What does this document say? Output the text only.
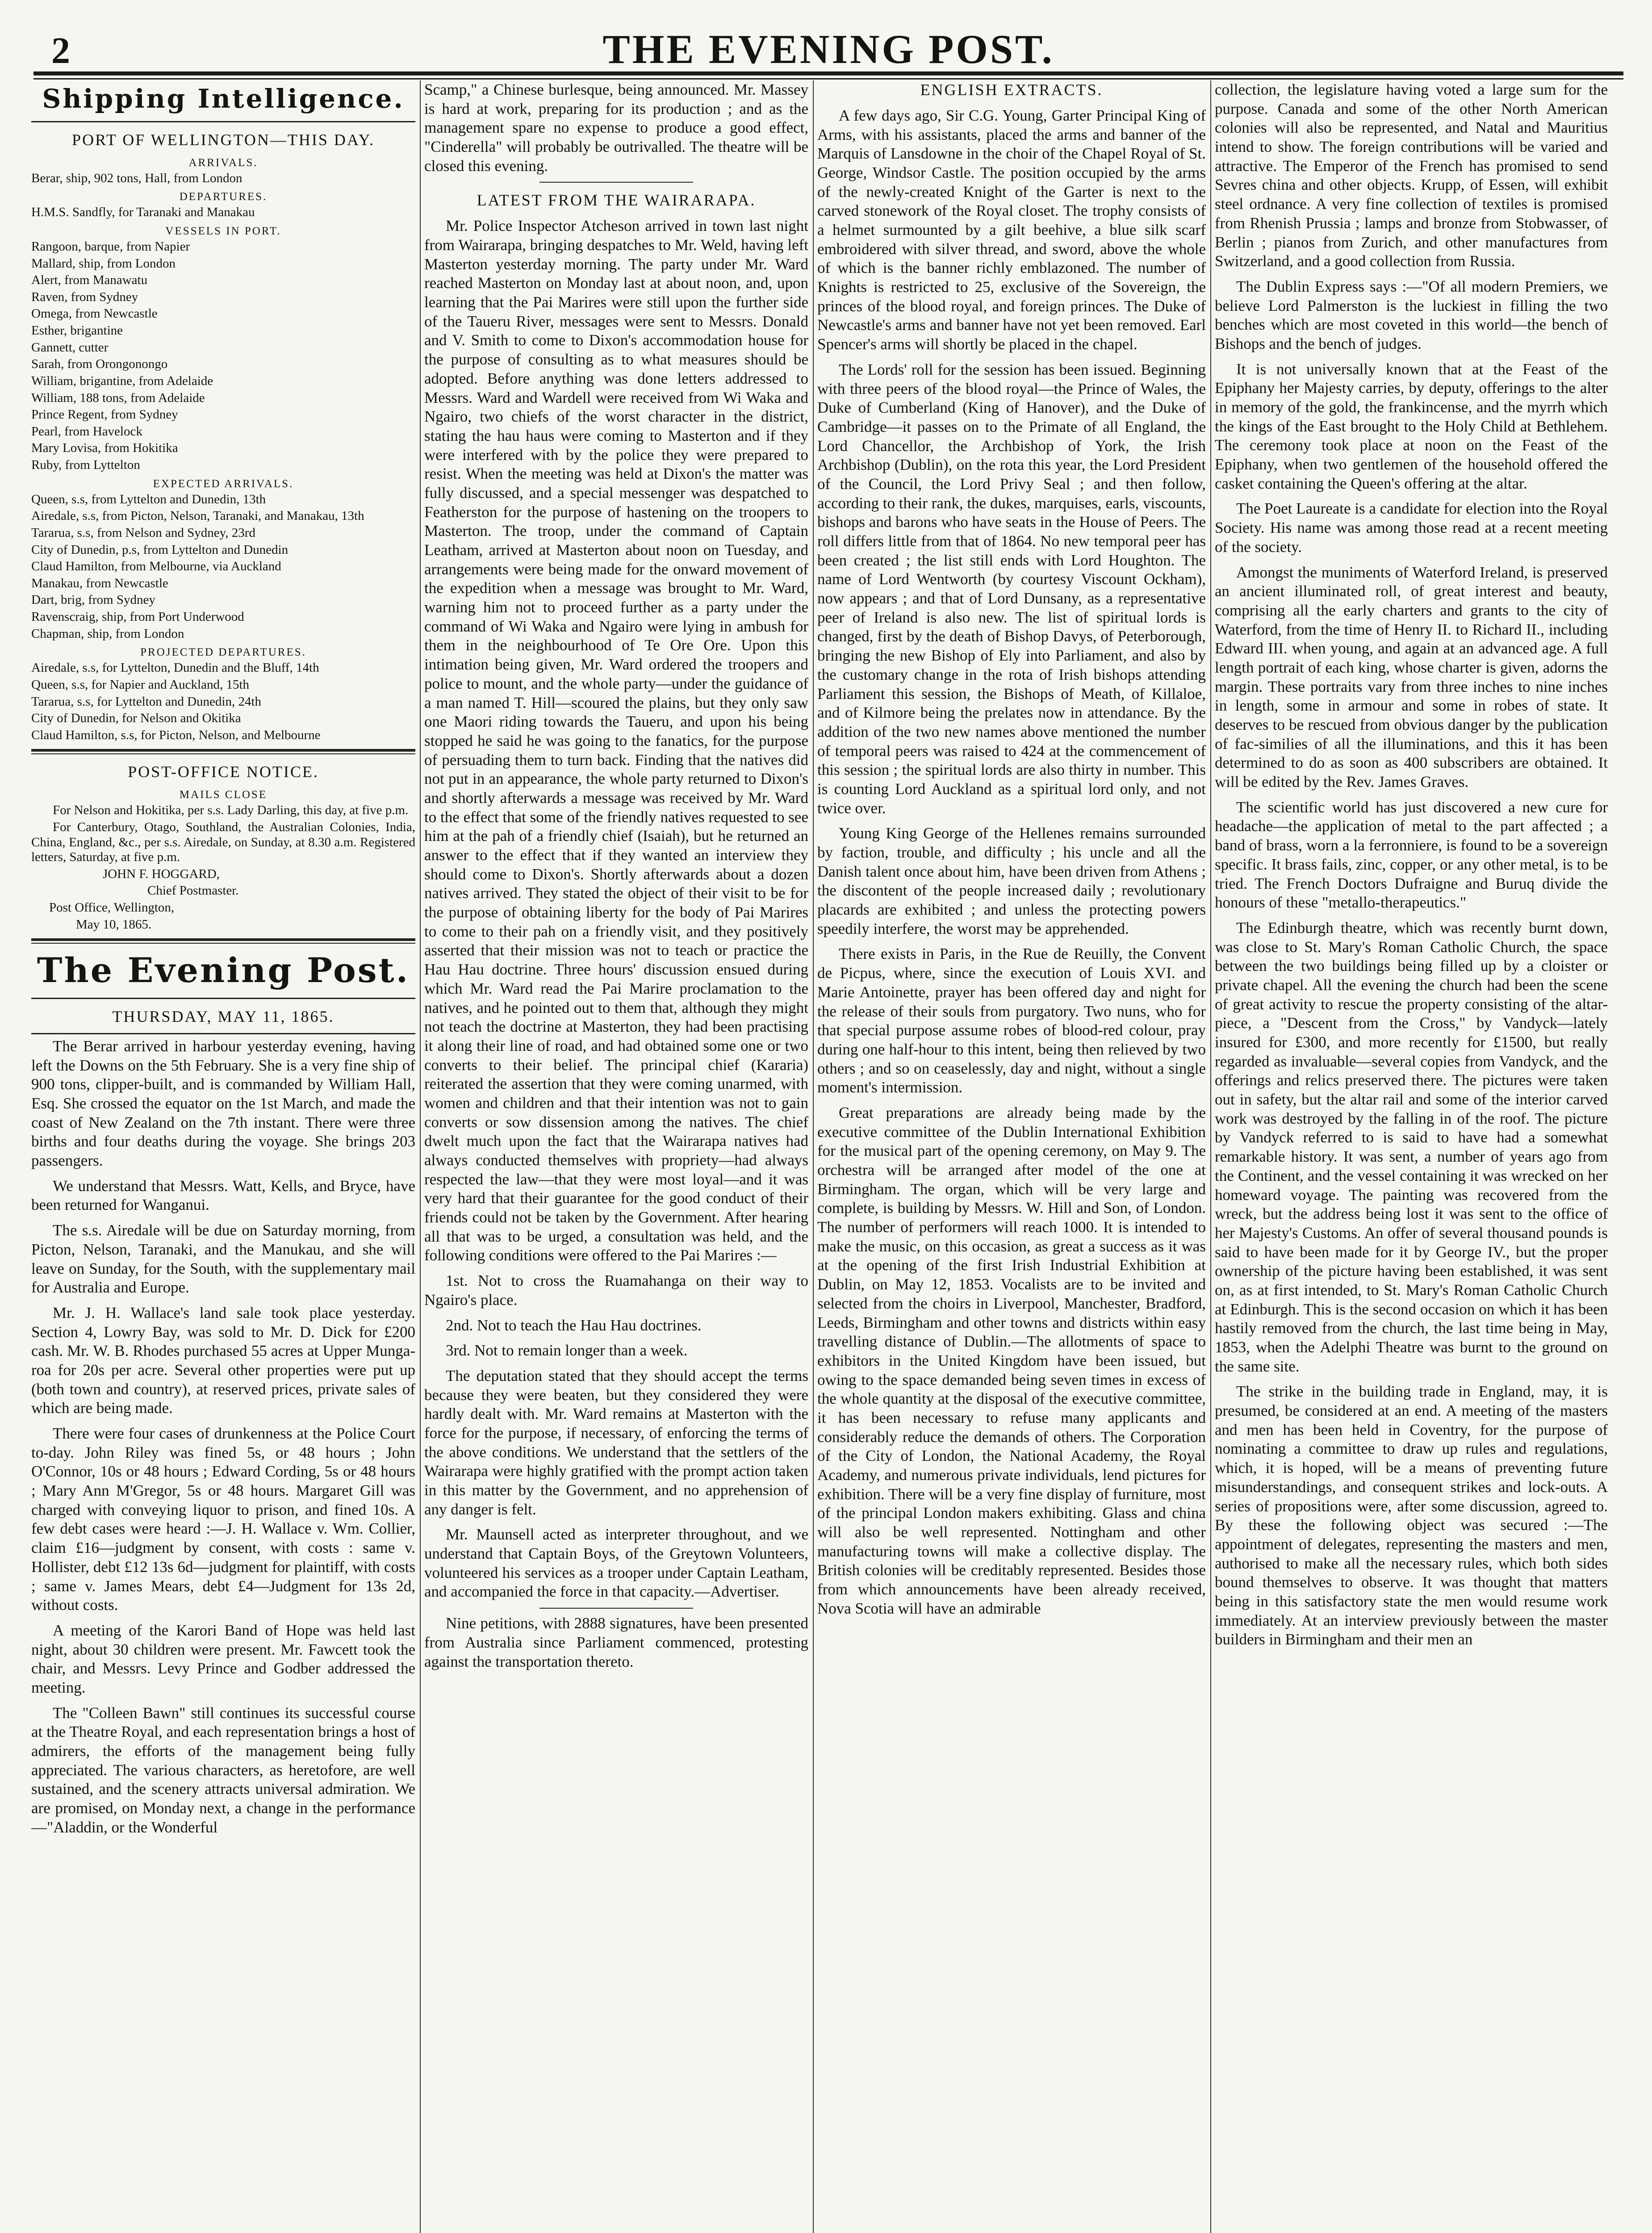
2	THE EVENING POST.
Shipping Intelligence.

PORT OF WELLINGTON—THIS DAY.

ARRIVALS.

Berar, ship, 902 tons, Hall, from London

DEPARTURES.

H.M.S. Sandfly, for Taranaki and Manakau

VESSELS IN PORT.

Rangoon, barque, from Napier

Mallard, ship, from London

Alert, from Manawatu

Raven, from Sydney

Omega, from Newcastle

Esther, brigantine

Gannett, cutter

Sarah, from Orongonongo

William, brigantine, from Adelaide

William, 188 tons, from Adelaide

Prince Regent, from Sydney

Pearl, from Havelock

Mary Lovisa, from Hokitika

Ruby, from Lyttelton

EXPECTED ARRIVALS.

Queen, s.s, from Lyttelton and Dunedin, 13th

Airedale, s.s, from Picton, Nelson, Taranaki, and Manakau, 13th

Tararua, s.s, from Nelson and Sydney, 23rd

City of Dunedin, p.s, from Lyttelton and Dunedin

Claud Hamilton, from Melbourne, via Auckland

Manakau, from Newcastle

Dart, brig, from Sydney

Ravenscraig, ship, from Port Underwood

Chapman, ship, from London

PROJECTED DEPARTURES.

Airedale, s.s, for Lyttelton, Dunedin and the Bluff, 14th

Queen, s.s, for Napier and Auckland, 15th

Tararua, s.s, for Lyttelton and Dunedin, 24th

City of Dunedin, for Nelson and Okitika

Claud Hamilton, s.s, for Picton, Nelson, and Melbourne

POST-OFFICE NOTICE.

MAILS CLOSE

For Nelson and Hokitika, per s.s. Lady Darling, this day, at five p.m.

For Canterbury, Otago, Southland, the Australian Colonies, India, China, England, &c., per s.s. Airedale, on Sunday, at 8.30 a.m. Registered letters, Saturday, at five p.m.

JOHN F. HOGGARD,

Chief Postmaster.

Post Office, Wellington,

May 10, 1865.

The Evening Post.

THURSDAY, MAY 11, 1865.

The Berar arrived in harbour yesterday evening, having left the Downs on the 5th February. She is a very fine ship of 900 tons, clipper-built, and is commanded by William Hall, Esq. She crossed the equator on the 1st March, and made the coast of New Zealand on the 7th instant. There were three births and four deaths during the voyage. She brings 203 passengers.

We understand that Messrs. Watt, Kells, and Bryce, have been returned for Wanganui.

The s.s. Airedale will be due on Saturday morning, from Picton, Nelson, Taranaki, and the Manukau, and she will leave on Sunday, for the South, with the supplementary mail for Australia and Europe.

Mr. J. H. Wallace's land sale took place yesterday. Section 4, Lowry Bay, was sold to Mr. D. Dick for £200 cash. Mr. W. B. Rhodes purchased 55 acres at Upper Munga-roa for 20s per acre. Several other properties were put up (both town and country), at reserved prices, private sales of which are being made.

There were four cases of drunkenness at the Police Court to-day. John Riley was fined 5s, or 48 hours ; John O'Connor, 10s or 48 hours ; Edward Cording, 5s or 48 hours ; Mary Ann M'Gregor, 5s or 48 hours. Margaret Gill was charged with conveying liquor to prison, and fined 10s. A few debt cases were heard :—J. H. Wallace v. Wm. Collier, claim £16—judgment by consent, with costs : same v. Hollister, debt £12 13s 6d—judgment for plaintiff, with costs ; same v. James Mears, debt £4—Judgment for 13s 2d, without costs.

A meeting of the Karori Band of Hope was held last night, about 30 children were present. Mr. Fawcett took the chair, and Messrs. Levy Prince and Godber addressed the meeting.

The "Colleen Bawn" still continues its successful course at the Theatre Royal, and each representation brings a host of admirers, the efforts of the management being fully appreciated. The various characters, as heretofore, are well sustained, and the scenery attracts universal admiration. We are promised, on Monday next, a change in the performance—"Aladdin, or the Wonderful

Scamp," a Chinese burlesque, being announced. Mr. Massey is hard at work, preparing for its production ; and as the management spare no expense to produce a good effect, "Cinderella" will probably be outrivalled. The theatre will be closed this evening.

LATEST FROM THE WAIRARAPA.

Mr. Police Inspector Atcheson arrived in town last night from Wairarapa, bringing despatches to Mr. Weld, having left Masterton yesterday morning. The party under Mr. Ward reached Masterton on Monday last at about noon, and, upon learning that the Pai Marires were still upon the further side of the Taueru River, messages were sent to Messrs. Donald and V. Smith to come to Dixon's accommodation house for the purpose of consulting as to what measures should be adopted. Before anything was done letters addressed to Messrs. Ward and Wardell were received from Wi Waka and Ngairo, two chiefs of the worst character in the district, stating the hau haus were coming to Masterton and if they were interfered with by the police they were prepared to resist. When the meeting was held at Dixon's the matter was fully discussed, and a special messenger was despatched to Featherston for the purpose of hastening on the troopers to Masterton. The troop, under the command of Captain Leatham, arrived at Masterton about noon on Tuesday, and arrangements were being made for the onward movement of the expedition when a message was brought to Mr. Ward, warning him not to proceed further as a party under the command of Wi Waka and Ngairo were lying in ambush for them in the neighbourhood of Te Ore Ore. Upon this intimation being given, Mr. Ward ordered the troopers and police to mount, and the whole party—under the guidance of a man named T. Hill—scoured the plains, but they only saw one Maori riding towards the Taueru, and upon his being stopped he said he was going to the fanatics, for the purpose of persuading them to turn back. Finding that the natives did not put in an appearance, the whole party returned to Dixon's and shortly afterwards a message was received by Mr. Ward to the effect that some of the friendly natives requested to see him at the pah of a friendly chief (Isaiah), but he returned an answer to the effect that if they wanted an interview they should come to Dixon's. Shortly afterwards about a dozen natives arrived. They stated the object of their visit to be for the purpose of obtaining liberty for the body of Pai Marires to come to their pah on a friendly visit, and they positively asserted that their mission was not to teach or practice the Hau Hau doctrine. Three hours' discussion ensued during which Mr. Ward read the Pai Marire proclamation to the natives, and he pointed out to them that, although they might not teach the doctrine at Masterton, they had been practising it along their line of road, and had obtained some one or two converts to their belief. The principal chief (Kararia) reiterated the assertion that they were coming unarmed, with women and children and that their intention was not to gain converts or sow dissension among the natives. The chief dwelt much upon the fact that the Wairarapa natives had always conducted themselves with propriety—had always respected the law—that they were most loyal—and it was very hard that their guarantee for the good conduct of their friends could not be taken by the Government. After hearing all that was to be urged, a consultation was held, and the following conditions were offered to the Pai Marires :—

1st. Not to cross the Ruamahanga on their way to Ngairo's place.

2nd. Not to teach the Hau Hau doctrines.

3rd. Not to remain longer than a week.

The deputation stated that they should accept the terms because they were beaten, but they considered they were hardly dealt with. Mr. Ward remains at Masterton with the force for the purpose, if necessary, of enforcing the terms of the above conditions. We understand that the settlers of the Wairarapa were highly gratified with the prompt action taken in this matter by the Government, and no apprehension of any danger is felt.

Mr. Maunsell acted as interpreter throughout, and we understand that Captain Boys, of the Greytown Volunteers, volunteered his services as a trooper under Captain Leatham, and accompanied the force in that capacity.—Advertiser.

Nine petitions, with 2888 signatures, have been presented from Australia since Parliament commenced, protesting against the transportation thereto.

ENGLISH EXTRACTS.

A few days ago, Sir C.G. Young, Garter Principal King of Arms, with his assistants, placed the arms and banner of the Marquis of Lansdowne in the choir of the Chapel Royal of St. George, Windsor Castle. The position occupied by the arms of the newly-created Knight of the Garter is next to the carved stonework of the Royal closet. The trophy consists of a helmet surmounted by a gilt beehive, a blue silk scarf embroidered with silver thread, and sword, above the whole of which is the banner richly emblazoned. The number of Knights is restricted to 25, exclusive of the Sovereign, the princes of the blood royal, and foreign princes. The Duke of Newcastle's arms and banner have not yet been removed. Earl Spencer's arms will shortly be placed in the chapel.

The Lords' roll for the session has been issued. Beginning with three peers of the blood royal—the Prince of Wales, the Duke of Cumberland (King of Hanover), and the Duke of Cambridge—it passes on to the Primate of all England, the Lord Chancellor, the Archbishop of York, the Irish Archbishop (Dublin), on the rota this year, the Lord President of the Council, the Lord Privy Seal ; and then follow, according to their rank, the dukes, marquises, earls, viscounts, bishops and barons who have seats in the House of Peers. The roll differs little from that of 1864. No new temporal peer has been created ; the list still ends with Lord Houghton. The name of Lord Wentworth (by courtesy Viscount Ockham), now appears ; and that of Lord Dunsany, as a representative peer of Ireland is also new. The list of spiritual lords is changed, first by the death of Bishop Davys, of Peterborough, bringing the new Bishop of Ely into Parliament, and also by the customary change in the rota of Irish bishops attending Parliament this session, the Bishops of Meath, of Killaloe, and of Kilmore being the prelates now in attendance. By the addition of the two new names above mentioned the number of temporal peers was raised to 424 at the commencement of this session ; the spiritual lords are also thirty in number. This is counting Lord Auckland as a spiritual lord only, and not twice over.

Young King George of the Hellenes remains surrounded by faction, trouble, and difficulty ; his uncle and all the Danish talent once about him, have been driven from Athens ; the discontent of the people increased daily ; revolutionary placards are exhibited ; and unless the protecting powers speedily interfere, the worst may be apprehended.

There exists in Paris, in the Rue de Reuilly, the Convent de Picpus, where, since the execution of Louis XVI. and Marie Antoinette, prayer has been offered day and night for the release of their souls from purgatory. Two nuns, who for that special purpose assume robes of blood-red colour, pray during one half-hour to this intent, being then relieved by two others ; and so on ceaselessly, day and night, without a single moment's intermission.

Great preparations are already being made by the executive committee of the Dublin International Exhibition for the musical part of the opening ceremony, on May 9. The orchestra will be arranged after model of the one at Birmingham. The organ, which will be very large and complete, is building by Messrs. W. Hill and Son, of London. The number of performers will reach 1000. It is intended to make the music, on this occasion, as great a success as it was at the opening of the first Irish Industrial Exhibition at Dublin, on May 12, 1853. Vocalists are to be invited and selected from the choirs in Liverpool, Manchester, Bradford, Leeds, Birmingham and other towns and districts within easy travelling distance of Dublin.—The allotments of space to exhibitors in the United Kingdom have been issued, but owing to the space demanded being seven times in excess of the whole quantity at the disposal of the executive committee, it has been necessary to refuse many applicants and considerably reduce the demands of others. The Corporation of the City of London, the National Academy, the Royal Academy, and numerous private individuals, lend pictures for exhibition. There will be a very fine display of furniture, most of the principal London makers exhibiting. Glass and china will also be well represented. Nottingham and other manufacturing towns will make a collective display. The British colonies will be creditably represented. Besides those from which announcements have been already received, Nova Scotia will have an admirable

collection, the legislature having voted a large sum for the purpose. Canada and some of the other North American colonies will also be represented, and Natal and Mauritius intend to show. The foreign contributions will be varied and attractive. The Emperor of the French has promised to send Sevres china and other objects. Krupp, of Essen, will exhibit steel ordnance. A very fine collection of textiles is promised from Rhenish Prussia ; lamps and bronze from Stobwasser, of Berlin ; pianos from Zurich, and other manufactures from Switzerland, and a good collection from Russia.

The Dublin Express says :—"Of all modern Premiers, we believe Lord Palmerston is the luckiest in filling the two benches which are most coveted in this world—the bench of Bishops and the bench of judges.

It is not universally known that at the Feast of the Epiphany her Majesty carries, by deputy, offerings to the alter in memory of the gold, the frankincense, and the myrrh which the kings of the East brought to the Holy Child at Bethlehem. The ceremony took place at noon on the Feast of the Epiphany, when two gentlemen of the household offered the casket containing the Queen's offering at the altar.

The Poet Laureate is a candidate for election into the Royal Society. His name was among those read at a recent meeting of the society.

Amongst the muniments of Waterford Ireland, is preserved an ancient illuminated roll, of great interest and beauty, comprising all the early charters and grants to the city of Waterford, from the time of Henry II. to Richard II., including Edward III. when young, and again at an advanced age. A full length portrait of each king, whose charter is given, adorns the margin. These portraits vary from three inches to nine inches in length, some in armour and some in robes of state. It deserves to be rescued from obvious danger by the publication of fac-similies of all the illuminations, and this it has been determined to do as soon as 400 subscribers are obtained. It will be edited by the Rev. James Graves.

The scientific world has just discovered a new cure for headache—the application of metal to the part affected ; a band of brass, worn a la ferronniere, is found to be a sovereign specific. It brass fails, zinc, copper, or any other metal, is to be tried. The French Doctors Dufraigne and Buruq divide the honours of these "metallo-therapeutics."

The Edinburgh theatre, which was recently burnt down, was close to St. Mary's Roman Catholic Church, the space between the two buildings being filled up by a cloister or private chapel. All the evening the church had been the scene of great activity to rescue the property consisting of the altar-piece, a "Descent from the Cross," by Vandyck—lately insured for £300, and more recently for £1500, but really regarded as invaluable—several copies from Vandyck, and the offerings and relics preserved there. The pictures were taken out in safety, but the altar rail and some of the interior carved work was destroyed by the falling in of the roof. The picture by Vandyck referred to is said to have had a somewhat remarkable history. It was sent, a number of years ago from the Continent, and the vessel containing it was wrecked on her homeward voyage. The painting was recovered from the wreck, but the address being lost it was sent to the office of her Majesty's Customs. An offer of several thousand pounds is said to have been made for it by George IV., but the proper ownership of the picture having been established, it was sent on, as at first intended, to St. Mary's Roman Catholic Church at Edinburgh. This is the second occasion on which it has been hastily removed from the church, the last time being in May, 1853, when the Adelphi Theatre was burnt to the ground on the same site.

The strike in the building trade in England, may, it is presumed, be considered at an end. A meeting of the masters and men has been held in Coventry, for the purpose of nominating a committee to draw up rules and regulations, which, it is hoped, will be a means of preventing future misunderstandings, and consequent strikes and lock-outs. A series of propositions were, after some discussion, agreed to. By these the following object was secured :—The appointment of delegates, representing the masters and men, authorised to make all the necessary rules, which both sides bound themselves to observe. It was thought that matters being in this satisfactory state the men would resume work immediately. At an interview previously between the master builders in Birmingham and their men an
